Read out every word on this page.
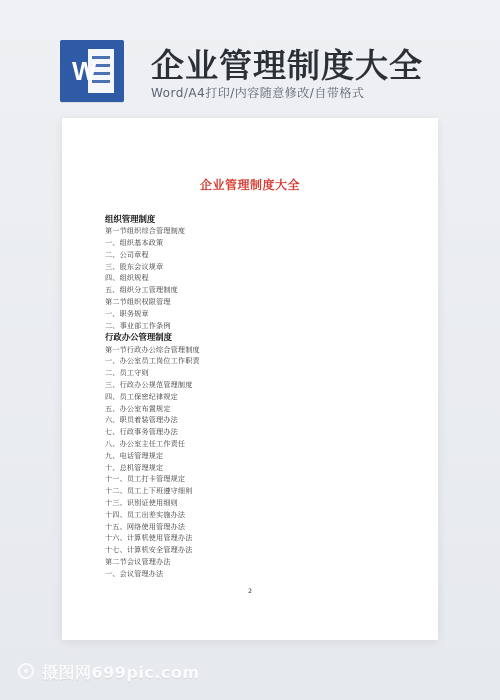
W 企业管理制度大全
Word/A4打印/内容随意修改/自带格式
企业管理制度大全
组织管理制度
第一节组织综合管理制度
一、组织基本政策
二、公司章程
三、股东会议规章
四、组织规程
五、组织分工管理制度
第二节组织权限管理
一、职务规章
二、事业部工作条例
行政办公管理制度
第一节行政办公综合管理制度
一、办公室员工岗位工作职责
二、员工守则
三、行政办公规范管理制度
四、员工保密纪律规定
五、办公室布置规定
六、职员着装管理办法
七、行政事务管理办法
八、办公室主任工作责任
九、电话管理规定
十、总机管理规定
十一、员工打卡管理规定
十二、员工上下班遵守细则
十三、识别证使用细则
十四、员工出差实施办法
十五、网络使用管理办法
十六、计算机使用管理办法
十七、计算机安全管理办法
第二节会议管理办法
一、会议管理办法
2
摄图网699pic.com
